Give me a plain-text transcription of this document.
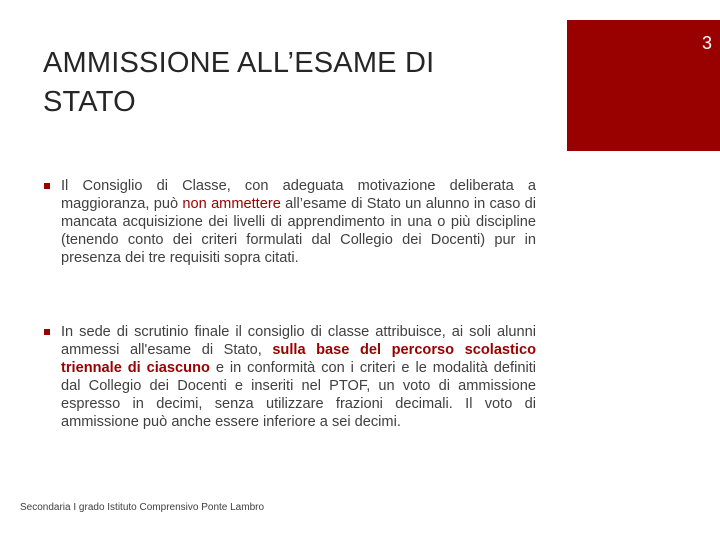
AMMISSIONE ALL’ESAME DI STATO
3
Il Consiglio di Classe, con adeguata motivazione deliberata a maggioranza, può non ammettere all’esame di Stato un alunno in caso di mancata acquisizione dei livelli di apprendimento in una o più discipline (tenendo conto dei criteri formulati dal Collegio dei Docenti) pur in presenza dei tre requisiti sopra citati.
In sede di scrutinio finale il consiglio di classe attribuisce, ai soli alunni ammessi all'esame di Stato, sulla base del percorso scolastico triennale di ciascuno e in conformità con i criteri e le modalità definiti dal Collegio dei Docenti e inseriti nel PTOF, un voto di ammissione espresso in decimi, senza utilizzare frazioni decimali. Il voto di ammissione può anche essere inferiore a sei decimi.
Secondaria I grado Istituto Comprensivo Ponte Lambro
